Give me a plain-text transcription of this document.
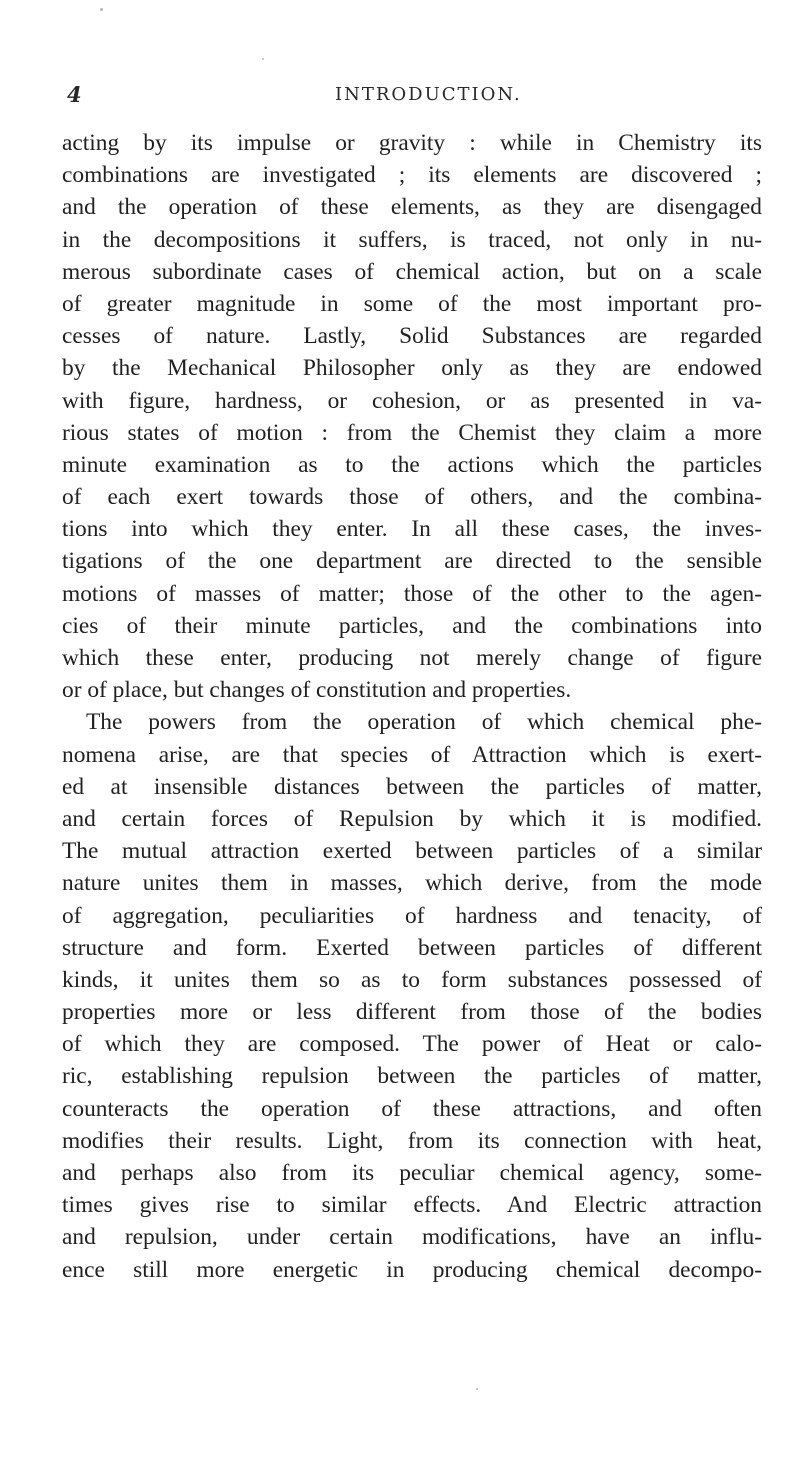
4	INTRODUCTION.
acting by its impulse or gravity : while in Chemistry its
combinations are investigated ; its elements are discovered ;
and the operation of these elements, as they are disengaged
in the decompositions it suffers, is traced, not only in nu-
merous subordinate cases of chemical action, but on a scale
of greater magnitude in some of the most important pro-
cesses of nature. Lastly, Solid Substances are regarded
by the Mechanical Philosopher only as they are endowed
with figure, hardness, or cohesion, or as presented in va-
rious states of motion : from the Chemist they claim a more
minute examination as to the actions which the particles
of each exert towards those of others, and the combina-
tions into which they enter. In all these cases, the inves-
tigations of the one department are directed to the sensible
motions of masses of matter; those of the other to the agen-
cies of their minute particles, and the combinations into
which these enter, producing not merely change of figure
or of place, but changes of constitution and properties.
The powers from the operation of which chemical phe-
nomena arise, are that species of Attraction which is exert-
ed at insensible distances between the particles of matter,
and certain forces of Repulsion by which it is modified.
The mutual attraction exerted between particles of a similar
nature unites them in masses, which derive, from the mode
of aggregation, peculiarities of hardness and tenacity, of
structure and form. Exerted between particles of different
kinds, it unites them so as to form substances possessed of
properties more or less different from those of the bodies
of which they are composed. The power of Heat or calo-
ric, establishing repulsion between the particles of matter,
counteracts the operation of these attractions, and often
modifies their results. Light, from its connection with heat,
and perhaps also from its peculiar chemical agency, some-
times gives rise to similar effects. And Electric attraction
and repulsion, under certain modifications, have an influ-
ence still more energetic in producing chemical decompo-
